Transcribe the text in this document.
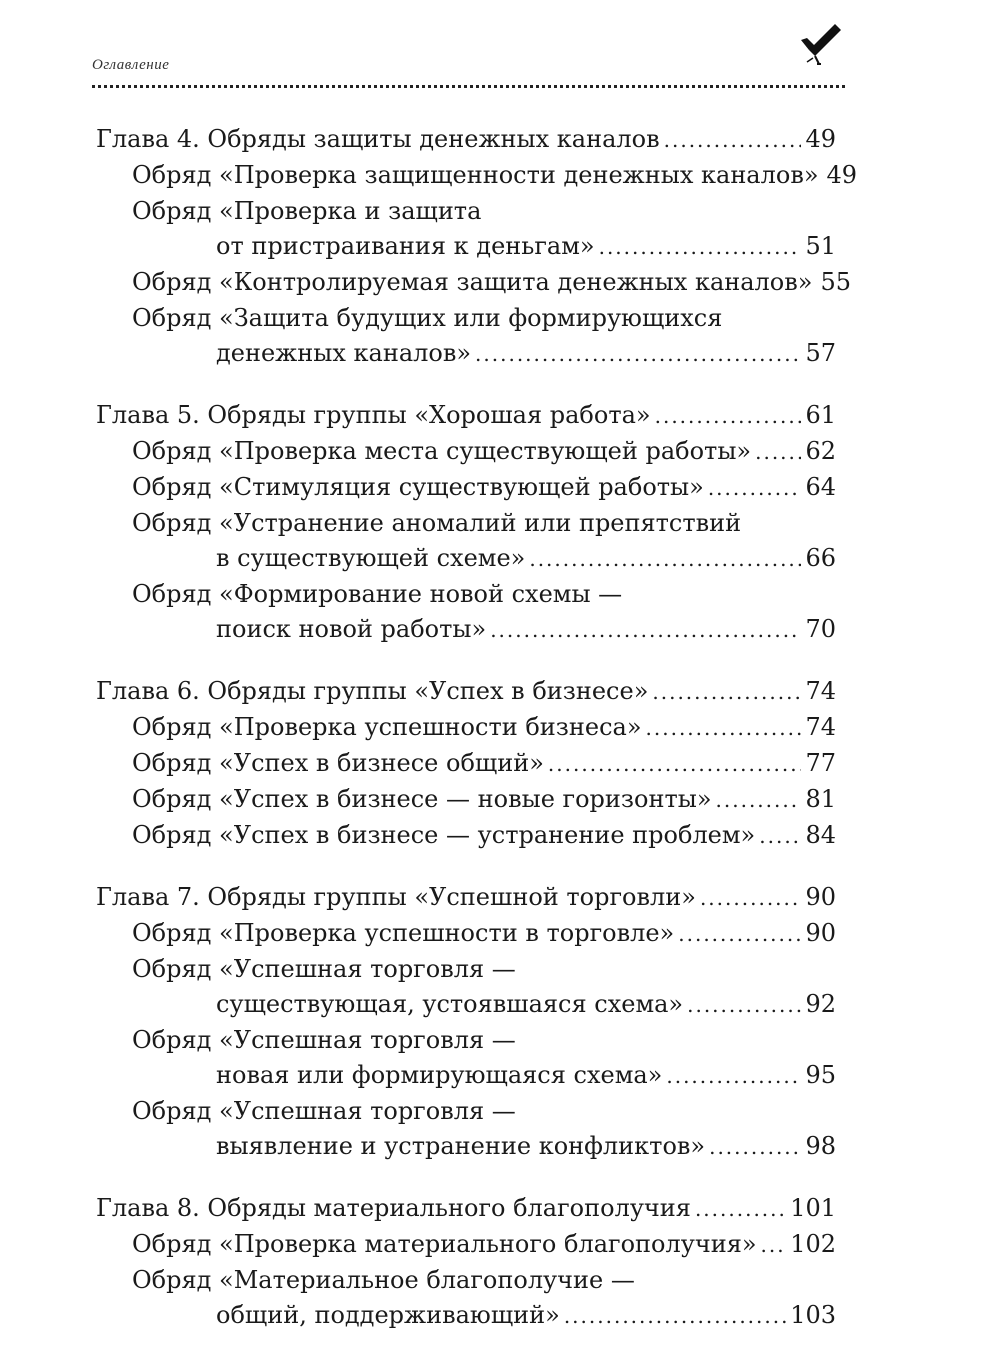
Оглавление
Глава 4. Обряды защиты денежных каналов .....	49
Обряд «Проверка защищенности денежных каналов» 49
Обряд «Проверка и защита
от пристраивания к деньгам» .....	51
Обряд «Контролируемая защита денежных каналов» 55
Обряд «Защита будущих или формирующихся
денежных каналов» .....	57
Глава 5. Обряды группы «Хорошая работа» .....	61
Обряд «Проверка места существующей работы» ..... 62
Обряд «Стимуляция существующей работы» .....	64
Обряд «Устранение аномалий или препятствий
в существующей схеме» .....	66
Обряд «Формирование новой схемы —
поиск новой работы» .....	70
Глава 6. Обряды группы «Успех в бизнесе» .....	74
Обряд «Проверка успешности бизнеса» .....	74
Обряд «Успех в бизнесе общий» .....	77
Обряд «Успех в бизнесе — новые горизонты» .....	81
Обряд «Успех в бизнесе — устранение проблем» ..... 84
Глава 7. Обряды группы «Успешной торговли» .....	90
Обряд «Проверка успешности в торговле» .....	90
Обряд «Успешная торговля —
существующая, устоявшаяся схема» .....	92
Обряд «Успешная торговля —
новая или формирующаяся схема» .....	95
Обряд «Успешная торговля —
выявление и устранение конфликтов» .....	98
Глава 8. Обряды материального благополучия .....	101
Обряд «Проверка материального благополучия» ..... 102
Обряд «Материальное благополучие —
общий, поддерживающий» .....	103
